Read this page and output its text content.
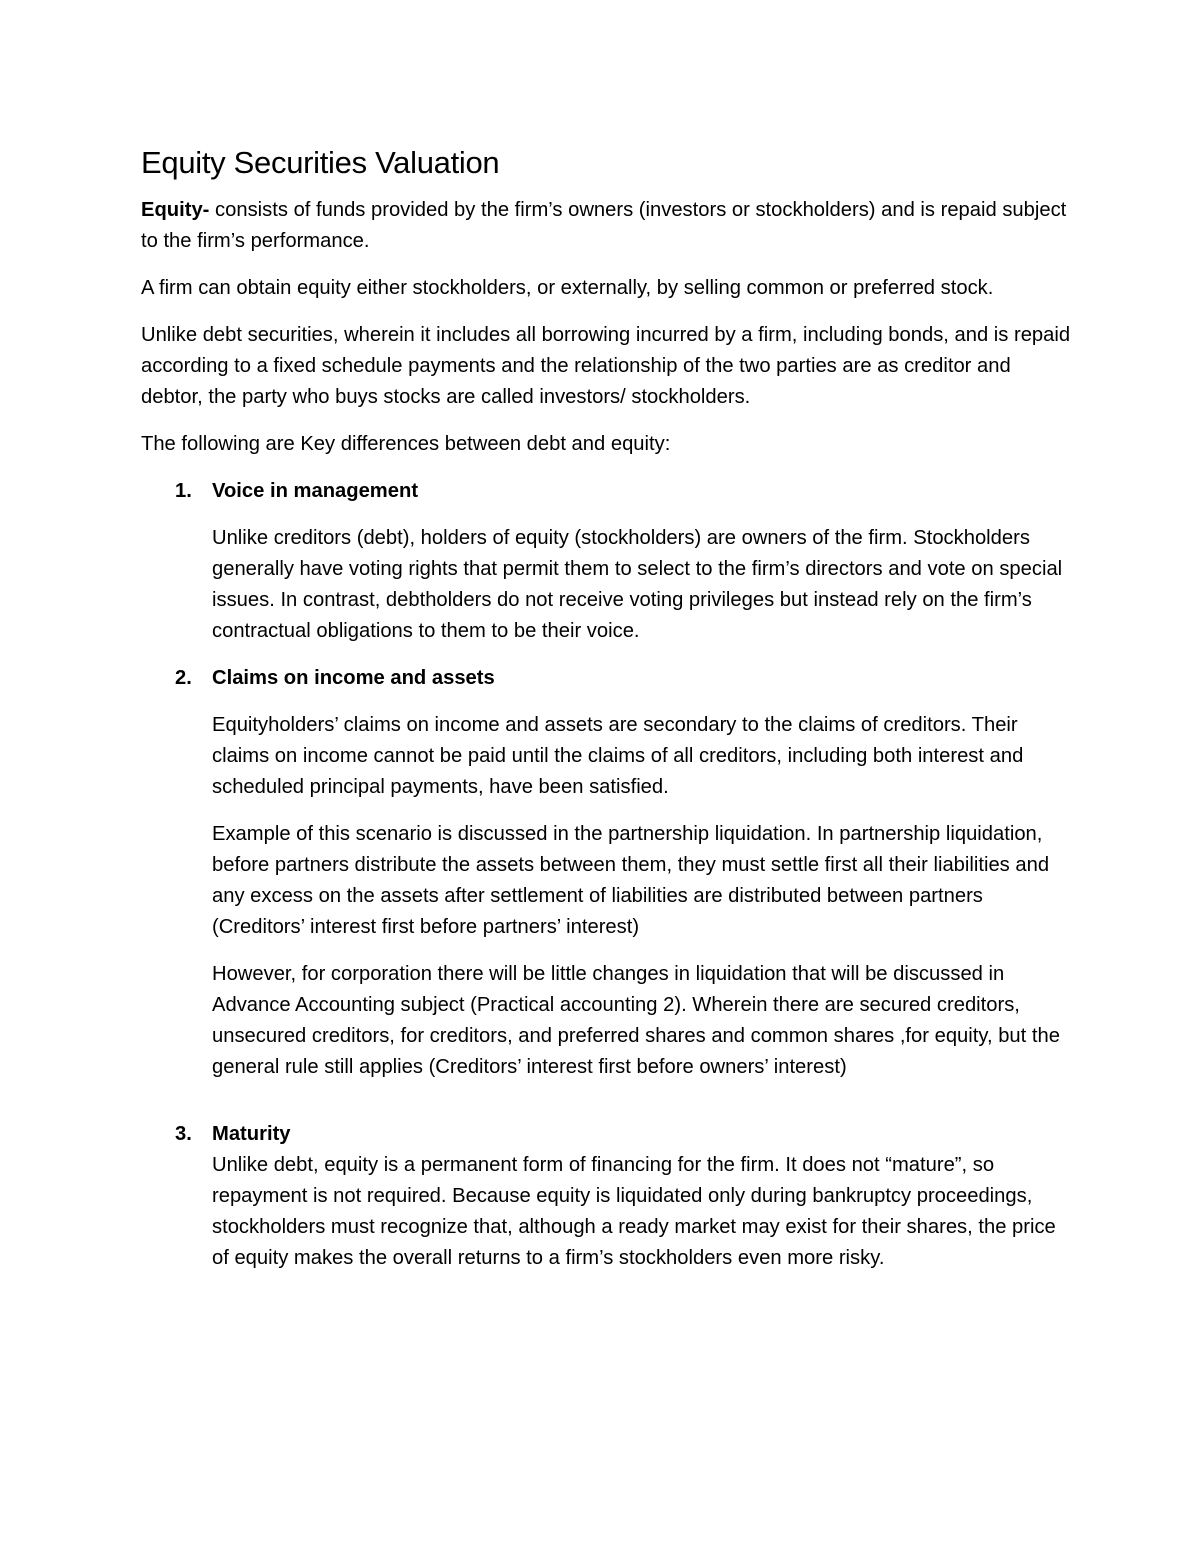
Equity Securities Valuation

Equity- consists of funds provided by the firm’s owners (investors or stockholders) and is repaid subject to the firm’s performance.

A firm can obtain equity either stockholders, or externally, by selling common or preferred stock.

Unlike debt securities, wherein it includes all borrowing incurred by a firm, including bonds, and is repaid according to a fixed schedule payments and the relationship of the two parties are as creditor and debtor, the party who buys stocks are called investors/ stockholders.

The following are Key differences between debt and equity:

1. Voice in management

Unlike creditors (debt), holders of equity (stockholders) are owners of the firm. Stockholders generally have voting rights that permit them to select to the firm’s directors and vote on special issues. In contrast, debtholders do not receive voting privileges but instead rely on the firm’s contractual obligations to them to be their voice.

2. Claims on income and assets

Equityholders’ claims on income and assets are secondary to the claims of creditors. Their claims on income cannot be paid until the claims of all creditors, including both interest and scheduled principal payments, have been satisfied.

Example of this scenario is discussed in the partnership liquidation. In partnership liquidation, before partners distribute the assets between them, they must settle first all their liabilities and any excess on the assets after settlement of liabilities are distributed between partners (Creditors’ interest first before partners’ interest)

However, for corporation there will be little changes in liquidation that will be discussed in Advance Accounting subject (Practical accounting 2). Wherein there are secured creditors, unsecured creditors, for creditors, and preferred shares and common shares ,for equity, but the general rule still applies (Creditors’ interest first before owners’ interest)

3. Maturity

Unlike debt, equity is a permanent form of financing for the firm. It does not “mature”, so repayment is not required. Because equity is liquidated only during bankruptcy proceedings, stockholders must recognize that, although a ready market may exist for their shares, the price of equity makes the overall returns to a firm’s stockholders even more risky.
